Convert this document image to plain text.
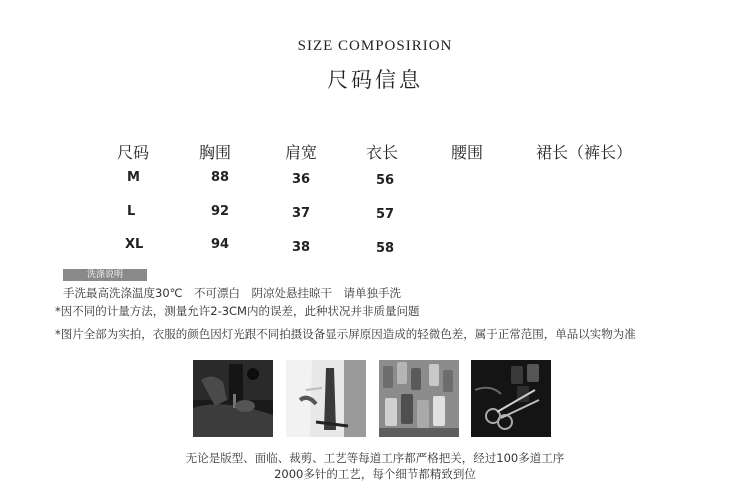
SIZE COMPOSIRION
尺码信息
尺码	胸围	肩宽	衣长	腰围	裙长（裤长）
M	88	36	56
L	92	37	57
XL	94	38	58
洗涤说明
手洗最高洗涤温度30℃　不可漂白　阴凉处悬挂晾干　请单独手洗
*因不同的计量方法，测量允许2-3CM内的误差，此种状况并非质量问题
*图片全部为实拍，衣服的颜色因灯光跟不同拍摄设备显示屏原因造成的轻微色差，属于正常范围，单品以实物为准
无论是版型、面临、裁剪、工艺等每道工序都严格把关，经过100多道工序
2000多针的工艺，每个细节都精致到位
